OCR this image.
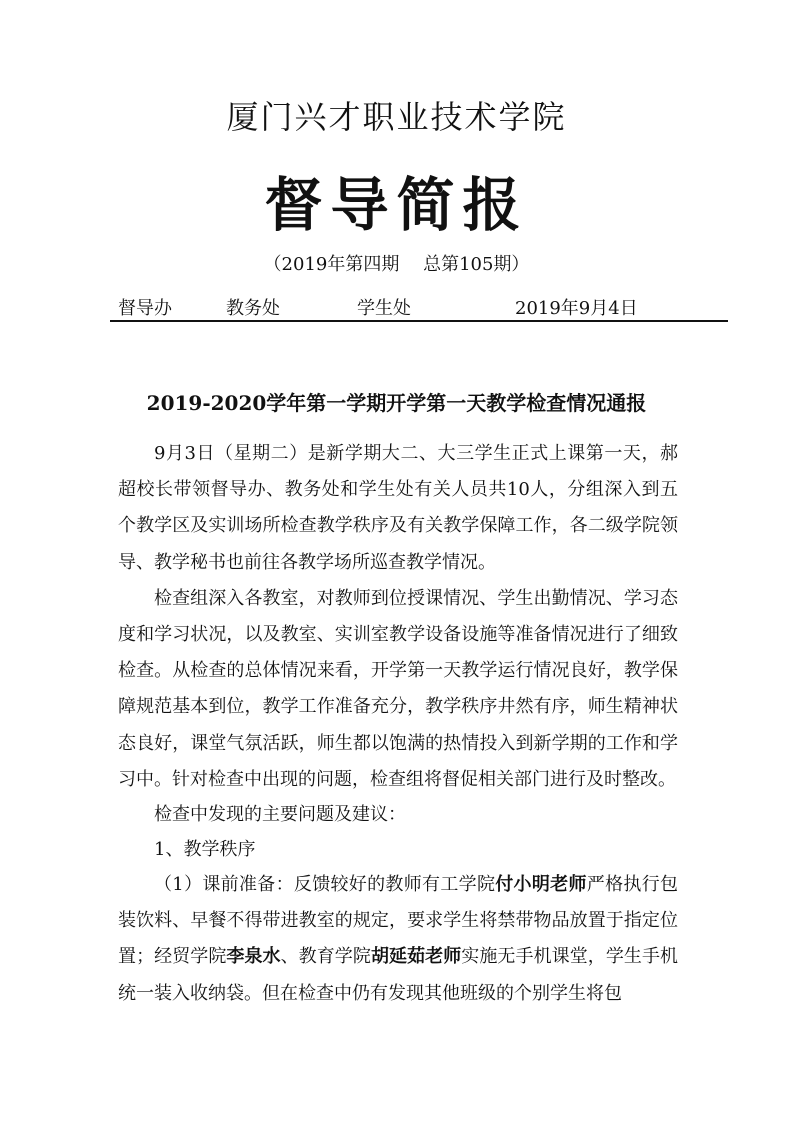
厦门兴才职业技术学院
督导简报
（2019年第四期　 总第105期）
督导办	教务处	学生处	2019年9月4日
2019-2020学年第一学期开学第一天教学检查情况通报

9月3日（星期二）是新学期大二、大三学生正式上课第一天，郝超校长带领督导办、教务处和学生处有关人员共10人，分组深入到五个教学区及实训场所检查教学秩序及有关教学保障工作，各二级学院领导、教学秘书也前往各教学场所巡查教学情况。

检查组深入各教室，对教师到位授课情况、学生出勤情况、学习态度和学习状况，以及教室、实训室教学设备设施等准备情况进行了细致检查。从检查的总体情况来看，开学第一天教学运行情况良好，教学保障规范基本到位，教学工作准备充分，教学秩序井然有序，师生精神状态良好，课堂气氛活跃，师生都以饱满的热情投入到新学期的工作和学习中。针对检查中出现的问题，检查组将督促相关部门进行及时整改。

检查中发现的主要问题及建议：

1、教学秩序

（1）课前准备：反馈较好的教师有工学院付小明老师严格执行包装饮料、早餐不得带进教室的规定，要求学生将禁带物品放置于指定位置；经贸学院李泉水、教育学院胡延茹老师实施无手机课堂，学生手机统一装入收纳袋。但在检查中仍有发现其他班级的个别学生将包
